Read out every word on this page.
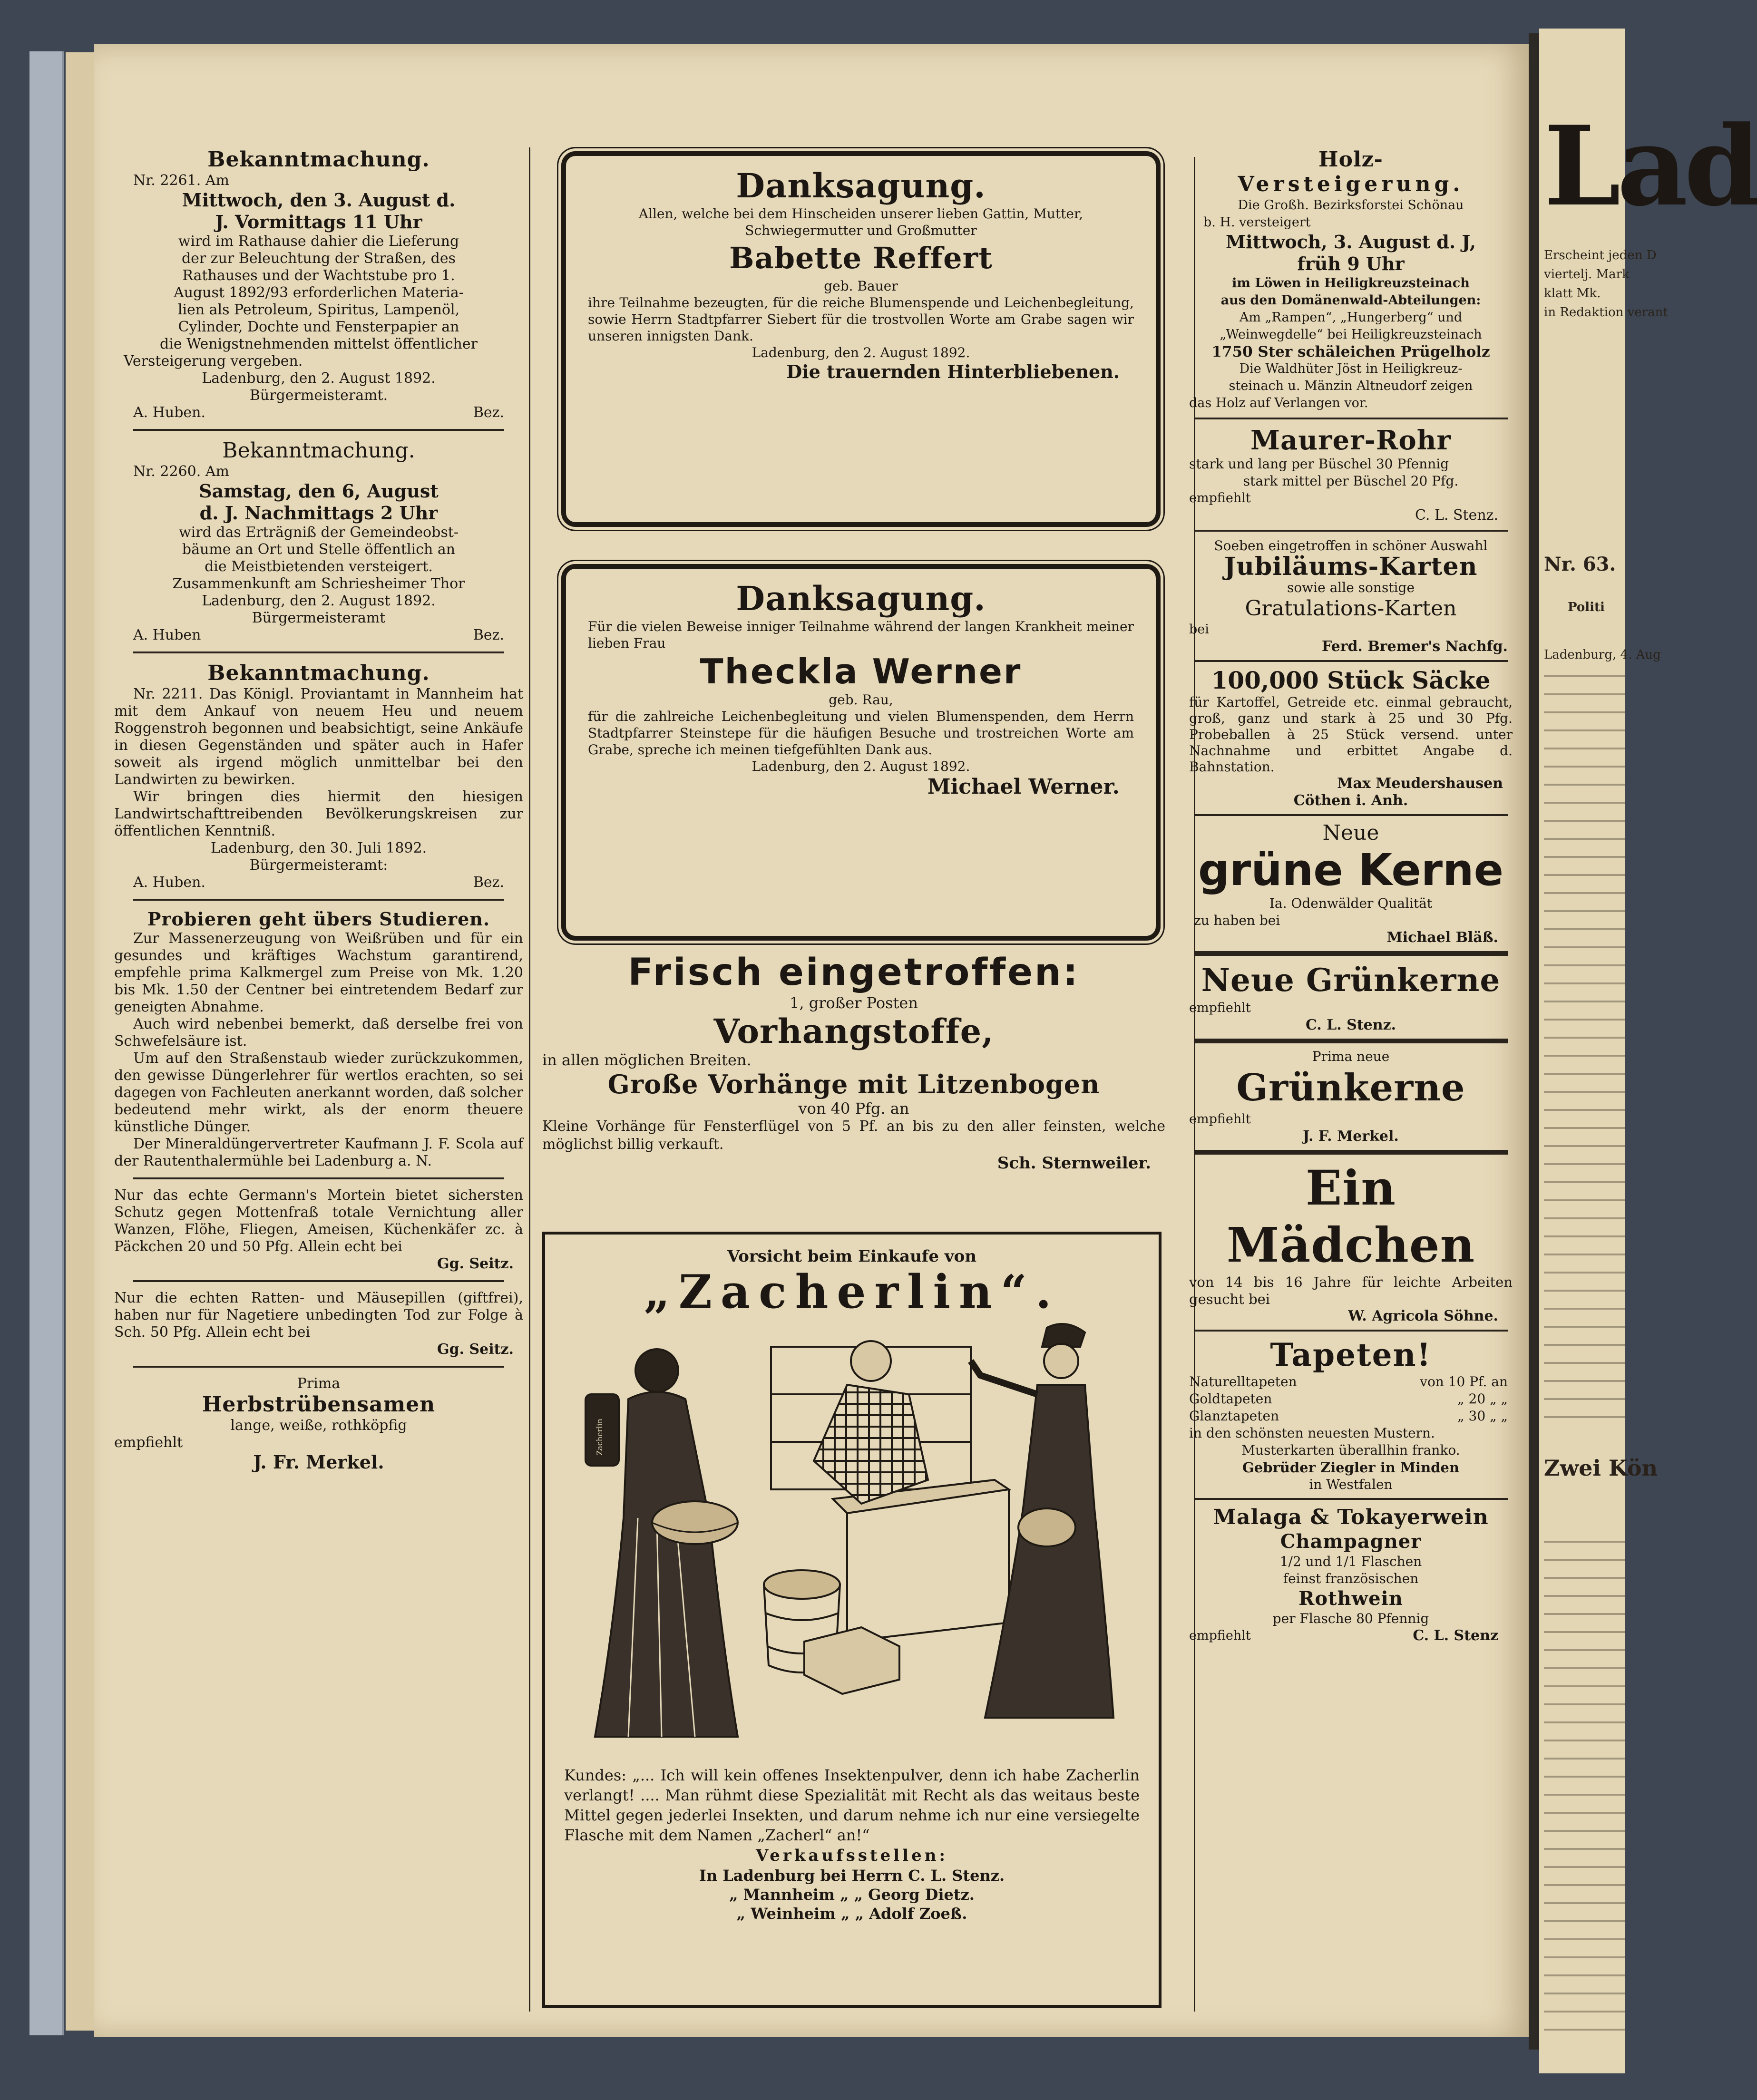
Lad
Erscheint jeden D
viertelj. Mark
klatt Mk.
in Redaktion verant
Nr. 63.
Politi
Ladenburg, 4. Aug
Zwei Kön
Bekanntmachung.
Nr. 2261. Am
Mittwoch, den 3. August d.
J. Vormittags 11 Uhr
wird im Rathause dahier die Lieferung
der zur Beleuchtung der Straßen, des
Rathauses und der Wachtstube pro 1.
August 1892/93 erforderlichen Materia-
lien als Petroleum, Spiritus, Lampenöl,
Cylinder, Dochte und Fensterpapier an
die Wenigstnehmenden mittelst öffentlicher
Versteigerung vergeben.
Ladenburg, den 2. August 1892.
Bürgermeisteramt.
A. Huben.	Bez.
Bekanntmachung.
Nr. 2260. Am
Samstag, den 6, August
d. J. Nachmittags 2 Uhr
wird das Erträgniß der Gemeindeobst-
bäume an Ort und Stelle öffentlich an
die Meistbietenden versteigert.
Zusammenkunft am Schriesheimer Thor
Ladenburg, den 2. August 1892.
Bürgermeisteramt
A. Huben	Bez.
Bekanntmachung.
Nr. 2211. Das Königl. Proviantamt in Mannheim hat mit dem Ankauf von neuem Heu und neuem Roggenstroh begonnen und beabsichtigt, seine Ankäufe in diesen Gegenständen und später auch in Hafer soweit als irgend möglich unmittelbar bei den Landwirten zu bewirken.
Wir bringen dies hiermit den hiesigen Landwirtschafttreibenden Bevölkerungskreisen zur öffentlichen Kenntniß.
Ladenburg, den 30. Juli 1892.
Bürgermeisteramt:
A. Huben.	Bez.
Probieren geht übers Studieren.
Zur Massenerzeugung von Weißrüben und für ein gesundes und kräftiges Wachstum garantirend, empfehle prima Kalkmergel zum Preise von Mk. 1.20 bis Mk. 1.50 der Centner bei eintretendem Bedarf zur geneigten Abnahme.
Auch wird nebenbei bemerkt, daß derselbe frei von Schwefelsäure ist.
Um auf den Straßenstaub wieder zurückzukommen, den gewisse Düngerlehrer für wertlos erachten, so sei dagegen von Fachleuten anerkannt worden, daß solcher bedeutend mehr wirkt, als der enorm theuere künstliche Dünger.
Der Mineraldüngervertreter Kaufmann J. F. Scola auf der Rautenthalermühle bei Ladenburg a. N.
Nur das echte Germann's Mortein bietet sichersten Schutz gegen Mottenfraß totale Vernichtung aller Wanzen, Flöhe, Fliegen, Ameisen, Küchenkäfer zc. à Päckchen 20 und 50 Pfg. Allein echt bei
Gg. Seitz.
Nur die echten Ratten- und Mäusepillen (giftfrei), haben nur für Nagetiere unbedingten Tod zur Folge à Sch. 50 Pfg. Allein echt bei
Gg. Seitz.
Prima
Herbstrübensamen
lange, weiße, rothköpfig
empfiehlt
J. Fr. Merkel.
Danksagung.
Allen, welche bei dem Hinscheiden unserer lieben Gattin, Mutter, Schwiegermutter und Großmutter
Babette Reffert
geb. Bauer
ihre Teilnahme bezeugten, für die reiche Blumenspende und Leichenbegleitung, sowie Herrn Stadtpfarrer Siebert für die trostvollen Worte am Grabe sagen wir unseren innigsten Dank.
Ladenburg, den 2. August 1892.
Die trauernden Hinterbliebenen.
Danksagung.
Für die vielen Beweise inniger Teilnahme während der langen Krankheit meiner lieben Frau
Theckla Werner
geb. Rau,
für die zahlreiche Leichenbegleitung und vielen Blumenspenden, dem Herrn Stadtpfarrer Steinstepe für die häufigen Besuche und trostreichen Worte am Grabe, spreche ich meinen tiefgefühlten Dank aus.
Ladenburg, den 2. August 1892.
Michael Werner.
Frisch eingetroffen:
1, großer Posten
Vorhangstoffe,
in allen möglichen Breiten.
Große Vorhänge mit Litzenbogen
von 40 Pfg. an
Kleine Vorhänge für Fensterflügel von 5 Pf. an bis zu den aller feinsten, welche möglichst billig verkauft.
Sch. Sternweiler.
Vorsicht beim Einkaufe von
„Zacherlin“.
Zacherlin
Kundes: „... Ich will kein offenes Insektenpulver, denn ich habe Zacherlin verlangt! .... Man rühmt diese Spezialität mit Recht als das weitaus beste Mittel gegen jederlei Insekten, und darum nehme ich nur eine versiegelte Flasche mit dem Namen „Zacherl“ an!“
Verkaufsstellen:
In Ladenburg bei Herrn C. L. Stenz.
„ Mannheim „ „ Georg Dietz.
„ Weinheim „ „ Adolf Zoeß.
Holz-
Versteigerung.
Die Großh. Bezirksforstei Schönau
b. H. versteigert
Mittwoch, 3. August d. J,
früh 9 Uhr
im Löwen in Heiligkreuzsteinach
aus den Domänenwald-Abteilungen:
Am „Rampen“, „Hungerberg“ und
„Weinwegdelle“ bei Heiligkreuzsteinach
1750 Ster schäleichen Prügelholz
Die Waldhüter Jöst in Heiligkreuz-
steinach u. Mänzin Altneudorf zeigen
das Holz auf Verlangen vor.
Maurer-Rohr
stark und lang per Büschel 30 Pfennig
stark mittel per Büschel 20 Pfg.
empfiehlt
C. L. Stenz.
Soeben eingetroffen in schöner Auswahl
Jubiläums-Karten
sowie alle sonstige
Gratulations-Karten
bei
Ferd. Bremer's Nachfg.
100,000 Stück Säcke
für Kartoffel, Getreide etc. einmal gebraucht, groß, ganz und stark à 25 und 30 Pfg. Probeballen à 25 Stück versend. unter Nachnahme und erbittet Angabe d. Bahnstation.
Max Meudershausen
Cöthen i. Anh.
Neue
grüne Kerne
Ia. Odenwälder Qualität
zu haben bei
Michael Bläß.
Neue Grünkerne
empfiehlt
C. L. Stenz.
Prima neue
Grünkerne
empfiehlt
J. F. Merkel.
Ein Mädchen
von 14 bis 16 Jahre für leichte Arbeiten gesucht bei
W. Agricola Söhne.
Tapeten!
Naturelltapeten	von 10 Pf. an
Goldtapeten	„ 20 „ „
Glanztapeten	„ 30 „ „
in den schönsten neuesten Mustern.
Musterkarten überallhin franko.
Gebrüder Ziegler in Minden
in Westfalen
Malaga & Tokayerwein
Champagner
1/2 und 1/1 Flaschen
feinst französischen
Rothwein
per Flasche 80 Pfennig
empfiehlt	C. L. Stenz
